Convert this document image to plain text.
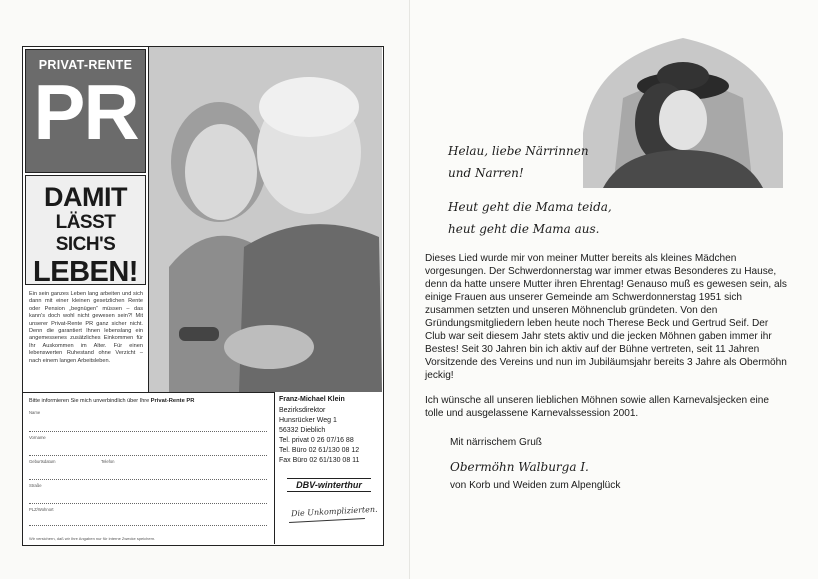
PRIVAT-RENTE
PR
DAMIT
LÄSST SICH'S
LEBEN!
Ein sein ganzes Leben lang arbeiten und sich dann mit einer kleinen gesetzlichen Rente oder Pension „begnügen“ müssen – das kann's doch wohl nicht gewesen sein?! Mit unserer Privat-Rente PR ganz sicher nicht. Denn die garantiert Ihnen lebenslang ein angemessenes zusätzliches Einkommen für Ihr Auskommen im Alter. Für einen lebenswerten Ruhestand ohne Verzicht – nach einem langen Arbeitsleben.
Bitte informieren Sie mich unverbindlich über Ihre Privat-Rente PR
Name
Vorname
Geburtsdatum	Telefon
Straße
PLZ/Wohnort
Wir versichern, daß wir Ihre Angaben nur für interne Zwecke speichern.
Franz-Michael Klein
Bezirksdirektor
Hunsrücker Weg 1
56332 Dieblich
Tel. privat 0 26 07/16 88
Tel. Büro 02 61/130 08 12
Fax Büro 02 61/130 08 11
DBV-winterthur
Die Unkomplizierten.
Helau, liebe Närrinnen
und Narren!
Heut geht die Mama teida,
heut geht die Mama aus.
Dieses Lied wurde mir von meiner Mutter bereits als kleines Mädchen vorgesungen. Der Schwerdonnerstag war immer etwas Besonderes zu Hause, denn da hatte unsere Mutter ihren Ehrentag! Genauso muß es gewesen sein, als einige Frauen aus unserer Gemeinde am Schwerdonnerstag 1951 sich zusammen setzten und unseren Möhnenclub gründeten. Von den Gründungsmitgliedern leben heute noch Therese Beck und Gertrud Seif. Der Club war seit diesem Jahr stets aktiv und die jecken Möhnen gaben immer ihr Bestes! Seit 30 Jahren bin ich aktiv auf der Bühne vertreten, seit 11 Jahren Vorsitzende des Vereins und nun im Jubiläumsjahr bereits 3 Jahre als Obermöhn jeckig!
Ich wünsche all unseren lieblichen Möhnen sowie allen Karnevalsjecken eine tolle und ausgelassene Karnevalssession 2001.
Mit närrischem Gruß
Obermöhn Walburga I.
von Korb und Weiden zum Alpenglück
